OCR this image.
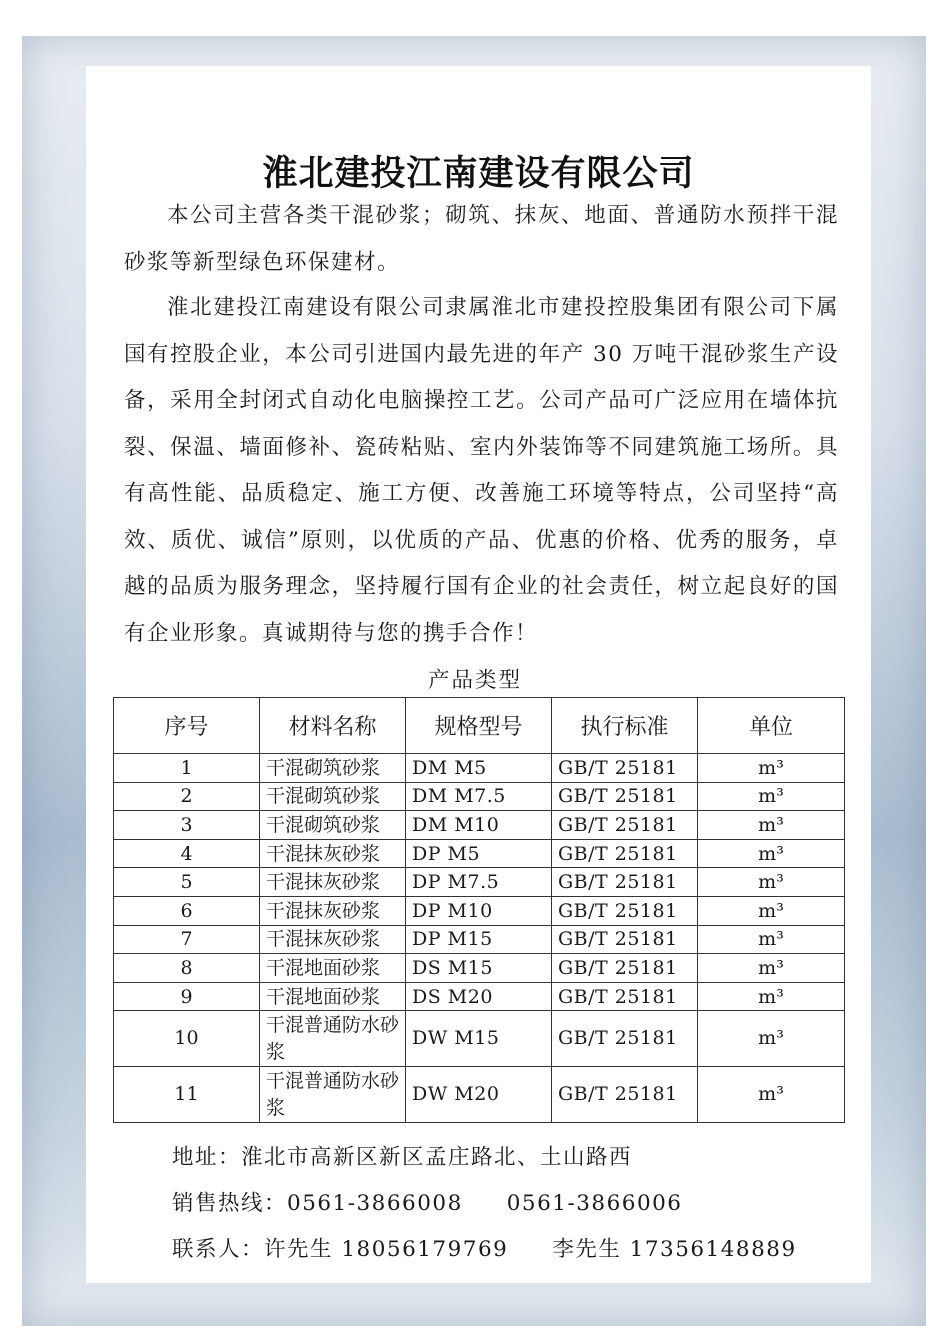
淮北建投江南建设有限公司

本公司主营各类干混砂浆；砌筑、抹灰、地面、普通防水预拌干混砂浆等新型绿色环保建材。

淮北建投江南建设有限公司隶属淮北市建投控股集团有限公司下属国有控股企业，本公司引进国内最先进的年产 30 万吨干混砂浆生产设备，采用全封闭式自动化电脑操控工艺。公司产品可广泛应用在墙体抗裂、保温、墙面修补、瓷砖粘贴、室内外装饰等不同建筑施工场所。具有高性能、品质稳定、施工方便、改善施工环境等特点，公司坚持“高效、质优、诚信”原则，以优质的产品、优惠的价格、优秀的服务，卓越的品质为服务理念，坚持履行国有企业的社会责任，树立起良好的国有企业形象。真诚期待与您的携手合作！

产品类型
序号	材料名称	规格型号	执行标准	单位
1	干混砌筑砂浆	DM M5	GB/T 25181	m³
2	干混砌筑砂浆	DM M7.5	GB/T 25181	m³
3	干混砌筑砂浆	DM M10	GB/T 25181	m³
4	干混抹灰砂浆	DP M5	GB/T 25181	m³
5	干混抹灰砂浆	DP M7.5	GB/T 25181	m³
6	干混抹灰砂浆	DP M10	GB/T 25181	m³
7	干混抹灰砂浆	DP M15	GB/T 25181	m³
8	干混地面砂浆	DS M15	GB/T 25181	m³
9	干混地面砂浆	DS M20	GB/T 25181	m³
10	干混普通防水砂浆	DW M15	GB/T 25181	m³
11	干混普通防水砂浆	DW M20	GB/T 25181	m³
地址：淮北市高新区新区孟庄路北、土山路西
销售热线：0561-3866008 0561-3866006
联系人：许先生 18056179769 李先生 17356148889
